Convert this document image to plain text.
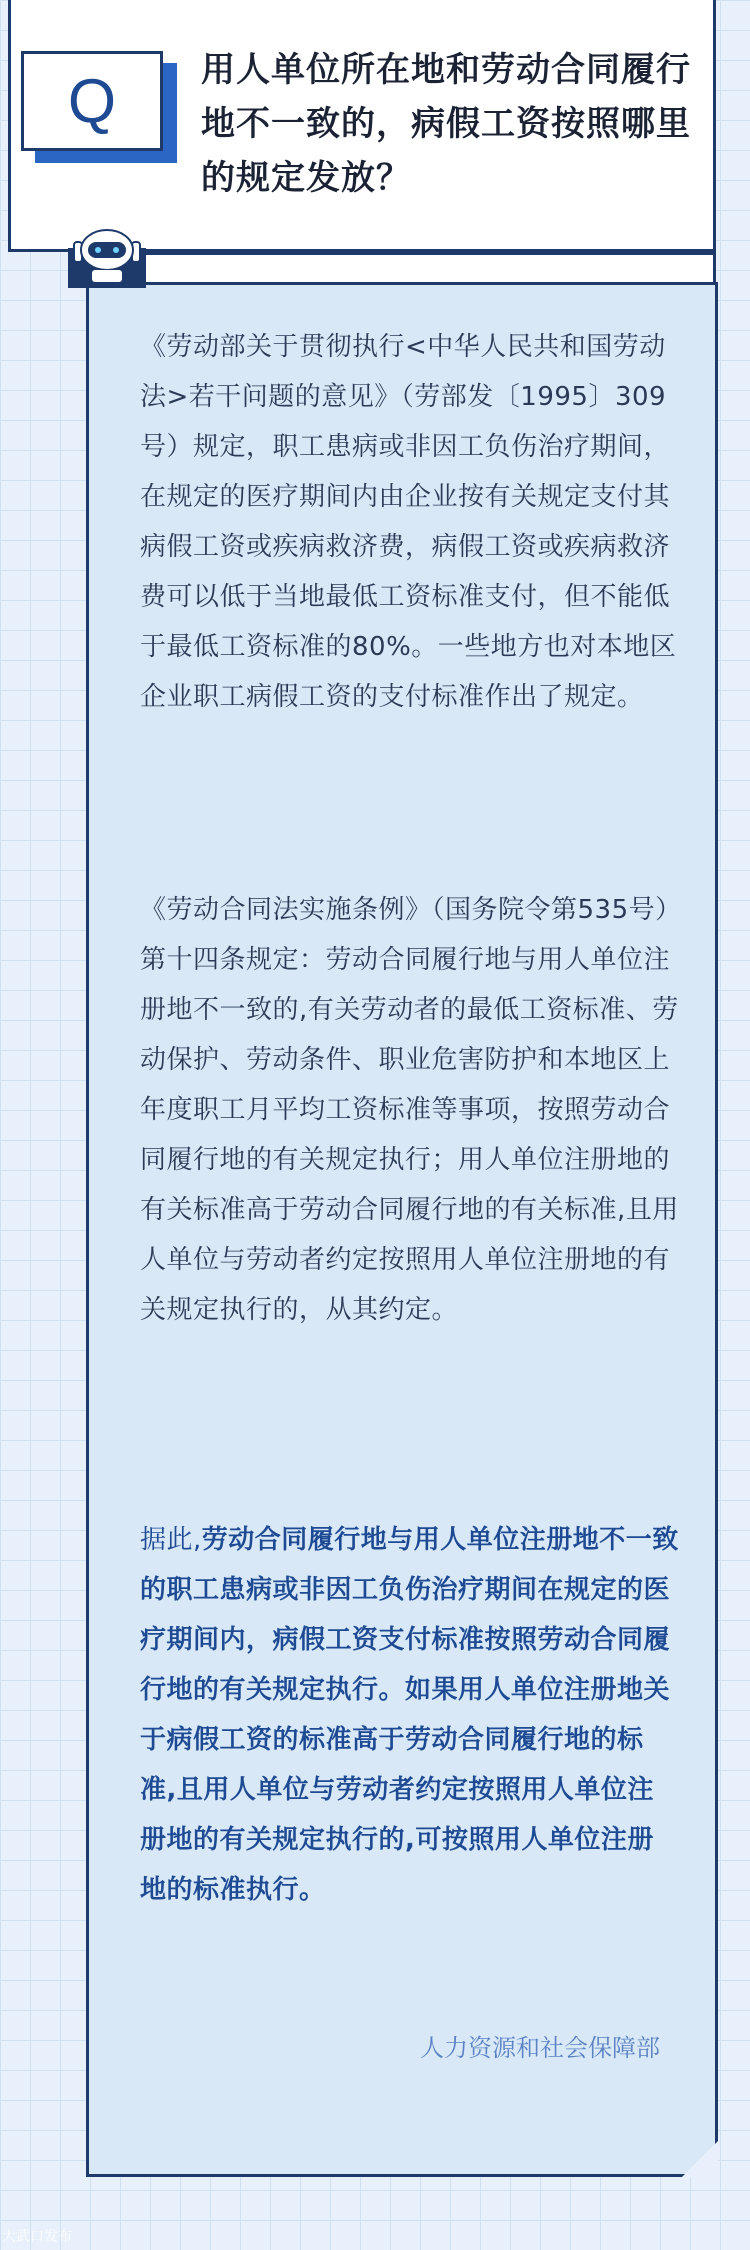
Q	用人单位所在地和劳动合同履行地不一致的，病假工资按照哪里的规定发放？
《劳动部关于贯彻执行<中华人民共和国劳动法>若干问题的意见》（劳部发〔1995〕309号）规定，职工患病或非因工负伤治疗期间，在规定的医疗期间内由企业按有关规定支付其病假工资或疾病救济费，病假工资或疾病救济费可以低于当地最低工资标准支付，但不能低于最低工资标准的80%。一些地方也对本地区企业职工病假工资的支付标准作出了规定。
《劳动合同法实施条例》（国务院令第535号）第十四条规定：劳动合同履行地与用人单位注册地不一致的,有关劳动者的最低工资标准、劳动保护、劳动条件、职业危害防护和本地区上年度职工月平均工资标准等事项，按照劳动合同履行地的有关规定执行；用人单位注册地的有关标准高于劳动合同履行地的有关标准,且用人单位与劳动者约定按照用人单位注册地的有关规定执行的，从其约定。
据此,劳动合同履行地与用人单位注册地不一致的职工患病或非因工负伤治疗期间在规定的医疗期间内，病假工资支付标准按照劳动合同履行地的有关规定执行。如果用人单位注册地关于病假工资的标准高于劳动合同履行地的标准,且用人单位与劳动者约定按照用人单位注册地的有关规定执行的,可按照用人单位注册地的标准执行。
人力资源和社会保障部
大武口发布
